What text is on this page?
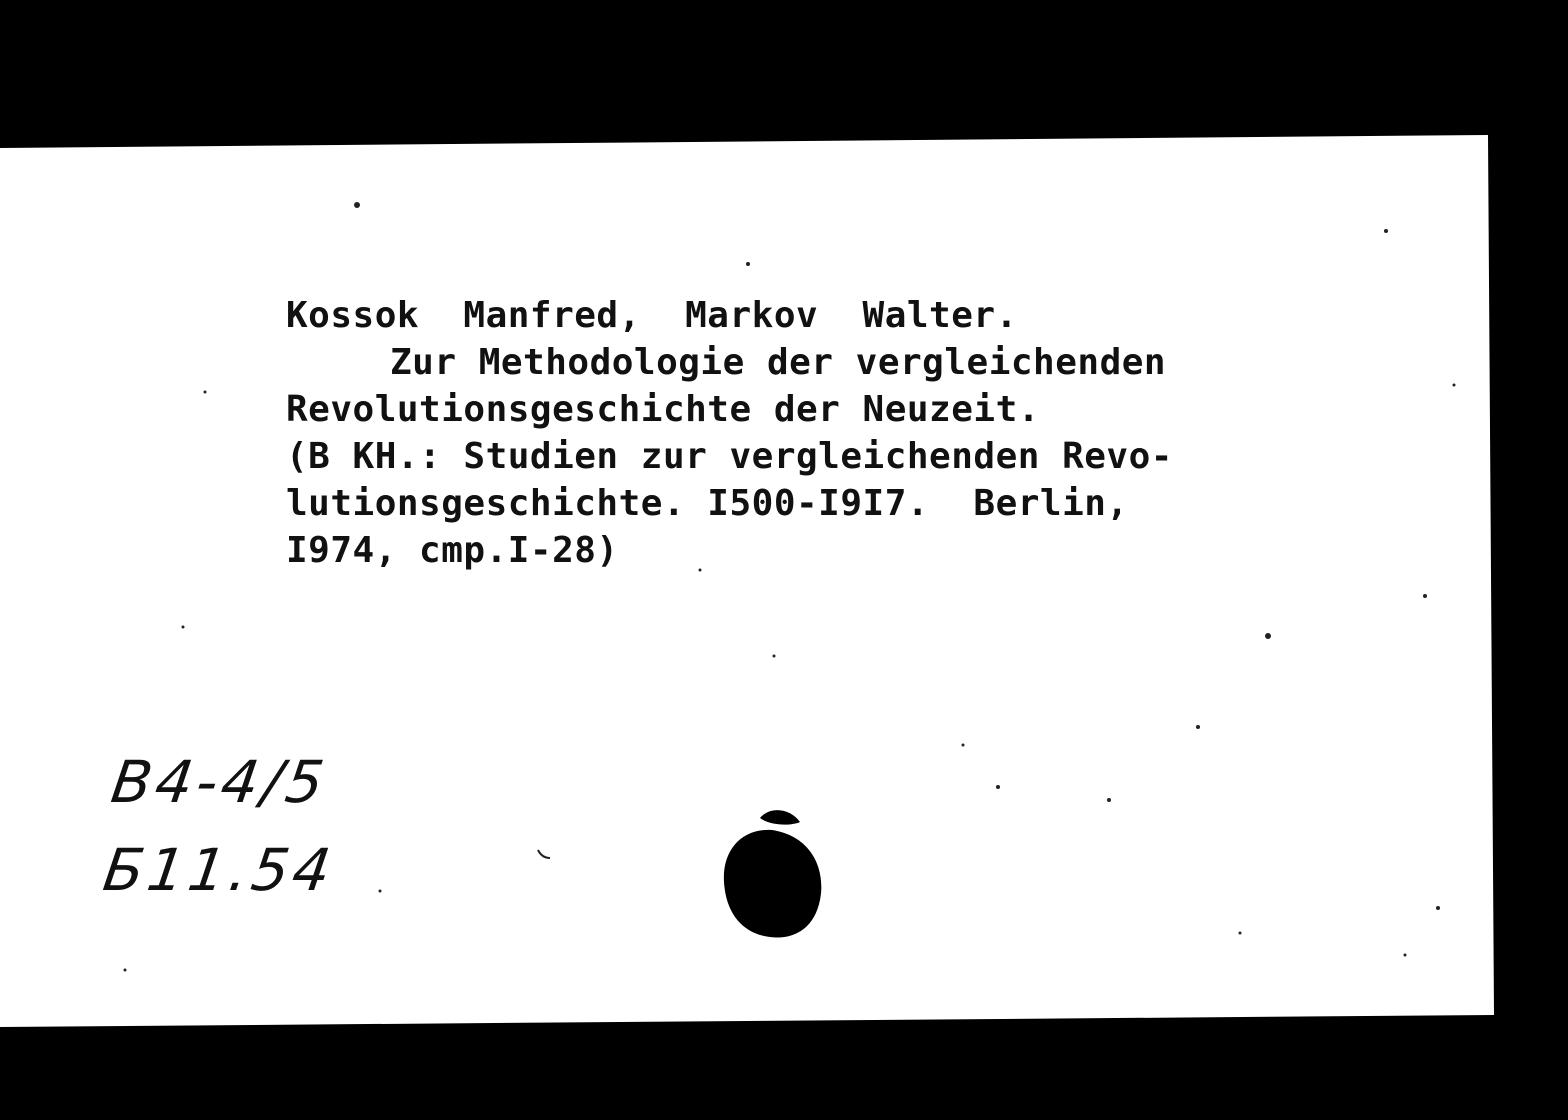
Kossok  Manfred,  Markov  Walter.
Zur Methodologie der vergleichenden
Revolutionsgeschichte der Neuzeit.
(B KH.: Studien zur vergleichenden Revo-
lutionsgeschichte. I500-I9I7.  Berlin,
I974, cmp.I-28)
B4-4/5
Б11.54
